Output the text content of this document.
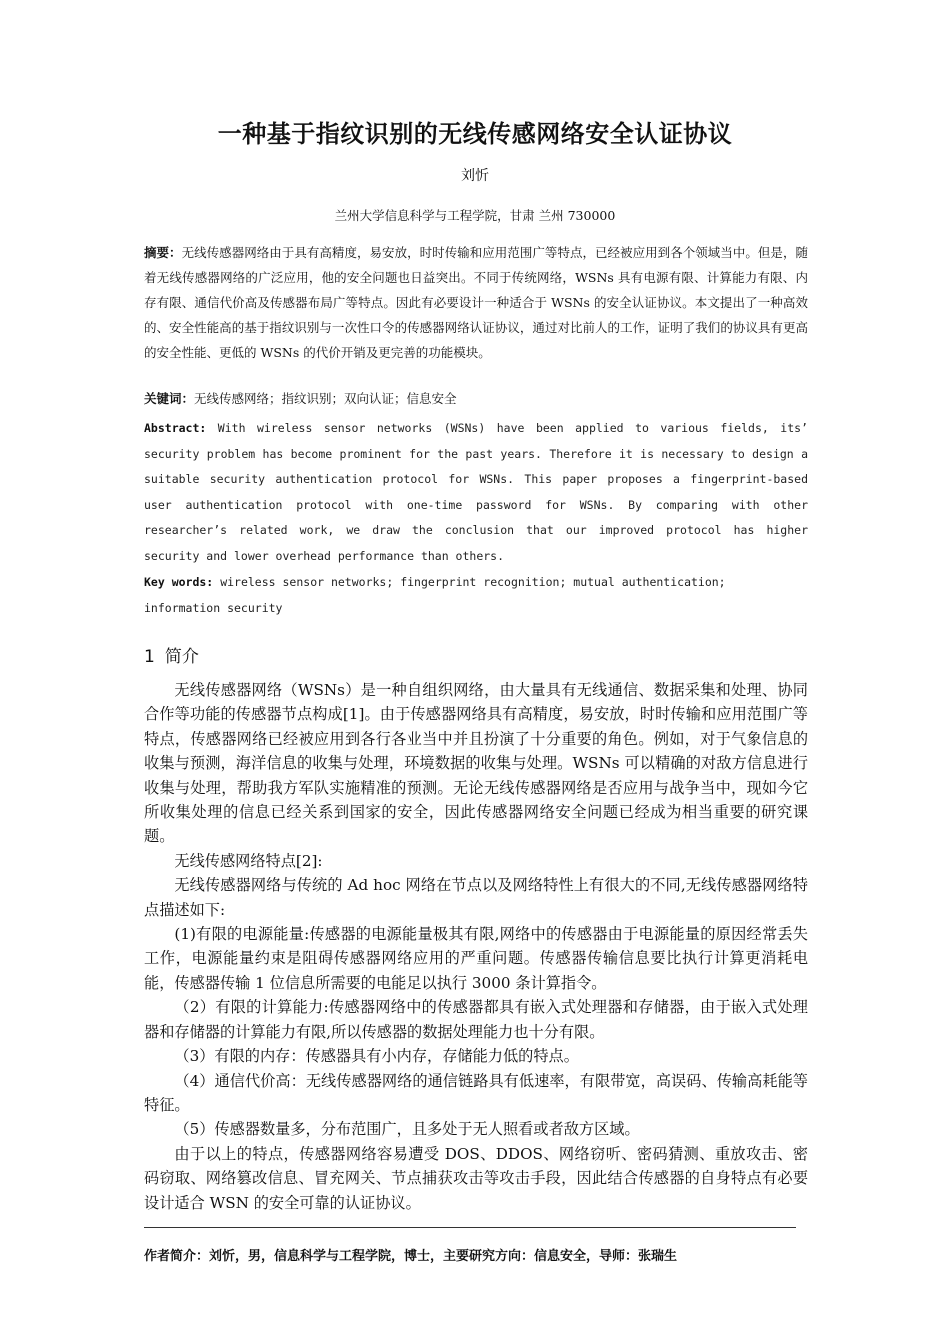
一种基于指纹识别的无线传感网络安全认证协议
刘忻
兰州大学信息科学与工程学院，甘肃 兰州 730000
摘要：无线传感器网络由于具有高精度，易安放，时时传输和应用范围广等特点，已经被应用到各个领域当中。但是，随着无线传感器网络的广泛应用，他的安全问题也日益突出。不同于传统网络，WSNs 具有电源有限、计算能力有限、内存有限、通信代价高及传感器布局广等特点。因此有必要设计一种适合于 WSNs 的安全认证协议。本文提出了一种高效的、安全性能高的基于指纹识别与一次性口令的传感器网络认证协议，通过对比前人的工作，证明了我们的协议具有更高的安全性能、更低的 WSNs 的代价开销及更完善的功能模块。
关键词：无线传感网络；指纹识别；双向认证；信息安全
Abstract: With wireless sensor networks (WSNs) have been applied to various fields, its’ security problem has become prominent for the past years. Therefore it is necessary to design a suitable security authentication protocol for WSNs. This paper proposes a fingerprint-based user authentication protocol with one-time password for WSNs. By comparing with other researcher’s related work, we draw the conclusion that our improved protocol has higher security and lower overhead performance than others.
Key words: wireless sensor networks; fingerprint recognition; mutual authentication; information security
1 简介

无线传感器网络（WSNs）是一种自组织网络，由大量具有无线通信、数据采集和处理、协同合作等功能的传感器节点构成[1]。由于传感器网络具有高精度，易安放，时时传输和应用范围广等特点，传感器网络已经被应用到各行各业当中并且扮演了十分重要的角色。例如，对于气象信息的收集与预测，海洋信息的收集与处理，环境数据的收集与处理。WSNs 可以精确的对敌方信息进行收集与处理，帮助我方军队实施精准的预测。无论无线传感器网络是否应用与战争当中，现如今它所收集处理的信息已经关系到国家的安全，因此传感器网络安全问题已经成为相当重要的研究课题。

无线传感网络特点[2]:

无线传感器网络与传统的 Ad hoc 网络在节点以及网络特性上有很大的不同,无线传感器网络特点描述如下:

(1)有限的电源能量:传感器的电源能量极其有限,网络中的传感器由于电源能量的原因经常丢失工作，电源能量约束是阻碍传感器网络应用的严重问题。传感器传输信息要比执行计算更消耗电能，传感器传输 1 位信息所需要的电能足以执行 3000 条计算指令。

（2）有限的计算能力:传感器网络中的传感器都具有嵌入式处理器和存储器，由于嵌入式处理器和存储器的计算能力有限,所以传感器的数据处理能力也十分有限。

（3）有限的内存：传感器具有小内存，存储能力低的特点。

（4）通信代价高：无线传感器网络的通信链路具有低速率，有限带宽，高误码、传输高耗能等特征。

（5）传感器数量多，分布范围广，且多处于无人照看或者敌方区域。

由于以上的特点，传感器网络容易遭受 DOS、DDOS、网络窃听、密码猜测、重放攻击、密码窃取、网络篡改信息、冒充网关、节点捕获攻击等攻击手段，因此结合传感器的自身特点有必要设计适合 WSN 的安全可靠的认证协议。

作者简介：刘忻，男，信息科学与工程学院，博士，主要研究方向：信息安全，导师：张瑞生
